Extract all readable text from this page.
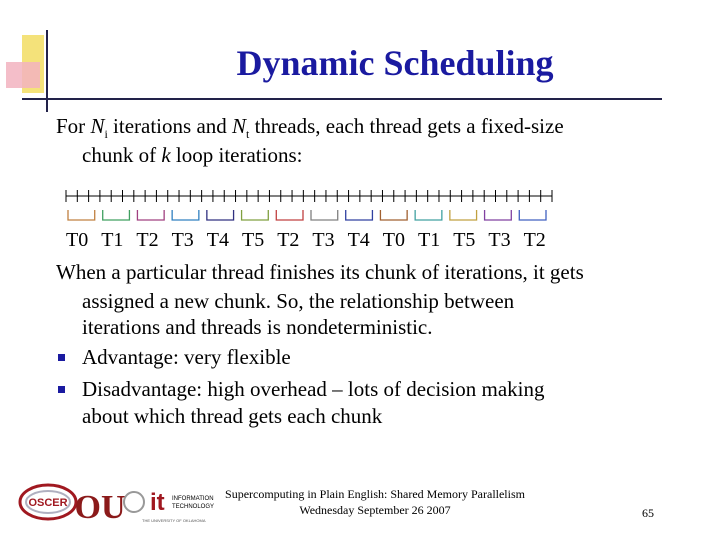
Dynamic Scheduling
For $N_i$ iterations and $N_t$ threads, each thread gets a fixed-size
chunk of k loop iterations:
T0 T1 T2 T3 T4 T5 T2 T3 T4 T0 T1 T5 T3 T2
When a particular thread finishes its chunk of iterations, it gets
assigned a new chunk. So, the relationship between
iterations and threads is nondeterministic.
Advantage: very flexible
Disadvantage: high overhead – lots of decision making
about which thread gets each chunk
OSCER OU it INFORMATION
TECHNOLOGY
THE UNIVERSITY OF OKLAHOMA
Supercomputing in Plain English: Shared Memory Parallelism
Wednesday September 26 2007	65
